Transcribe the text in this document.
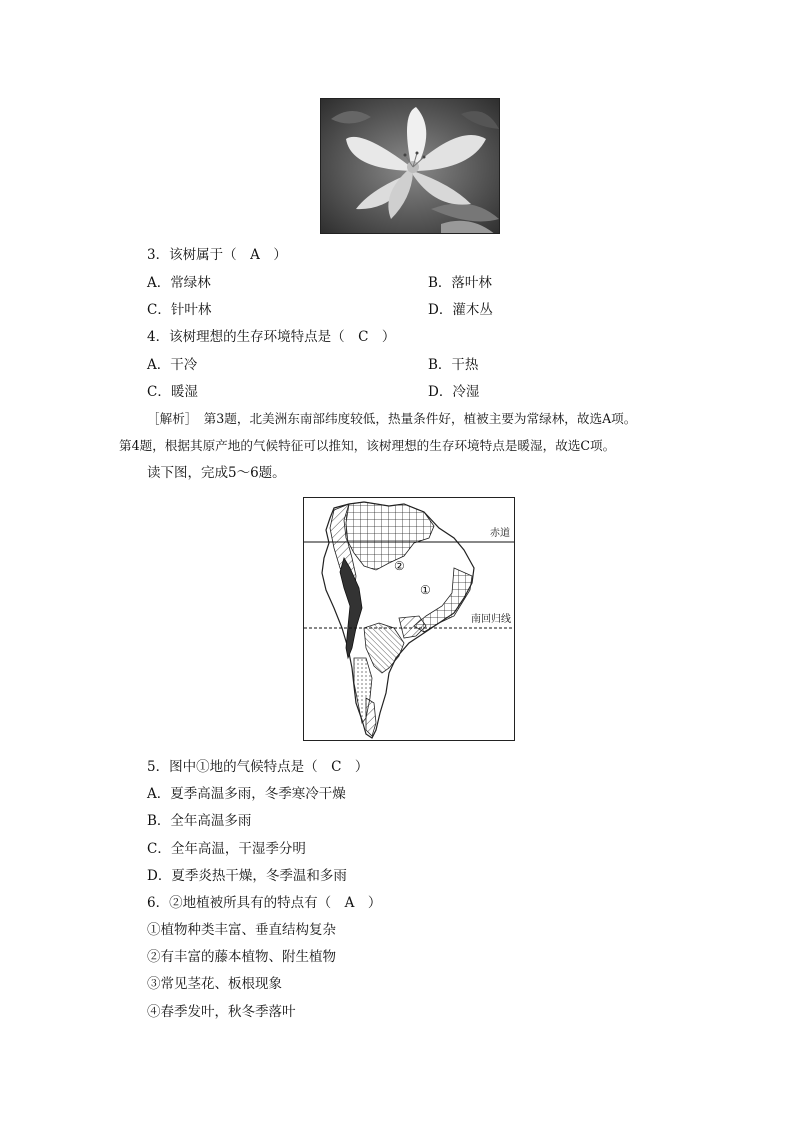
3．该树属于（　A　）
A．常绿林	B．落叶林
C．针叶林	D．灌木丛
4．该树理想的生存环境特点是（　C　）
A．干冷	B．干热
C．暖湿	D．冷湿
［解析］　第3题，北美洲东南部纬度较低，热量条件好，植被主要为常绿林，故选A项。
第4题，根据其原产地的气候特征可以推知，该树理想的生存环境特点是暖湿，故选C项。
读下图，完成5～6题。
赤道
南回归线
①
②
5．图中①地的气候特点是（　C　）
A．夏季高温多雨，冬季寒冷干燥
B．全年高温多雨
C．全年高温，干湿季分明
D．夏季炎热干燥，冬季温和多雨
6．②地植被所具有的特点有（　A　）
①植物种类丰富、垂直结构复杂
②有丰富的藤本植物、附生植物
③常见茎花、板根现象
④春季发叶，秋冬季落叶
